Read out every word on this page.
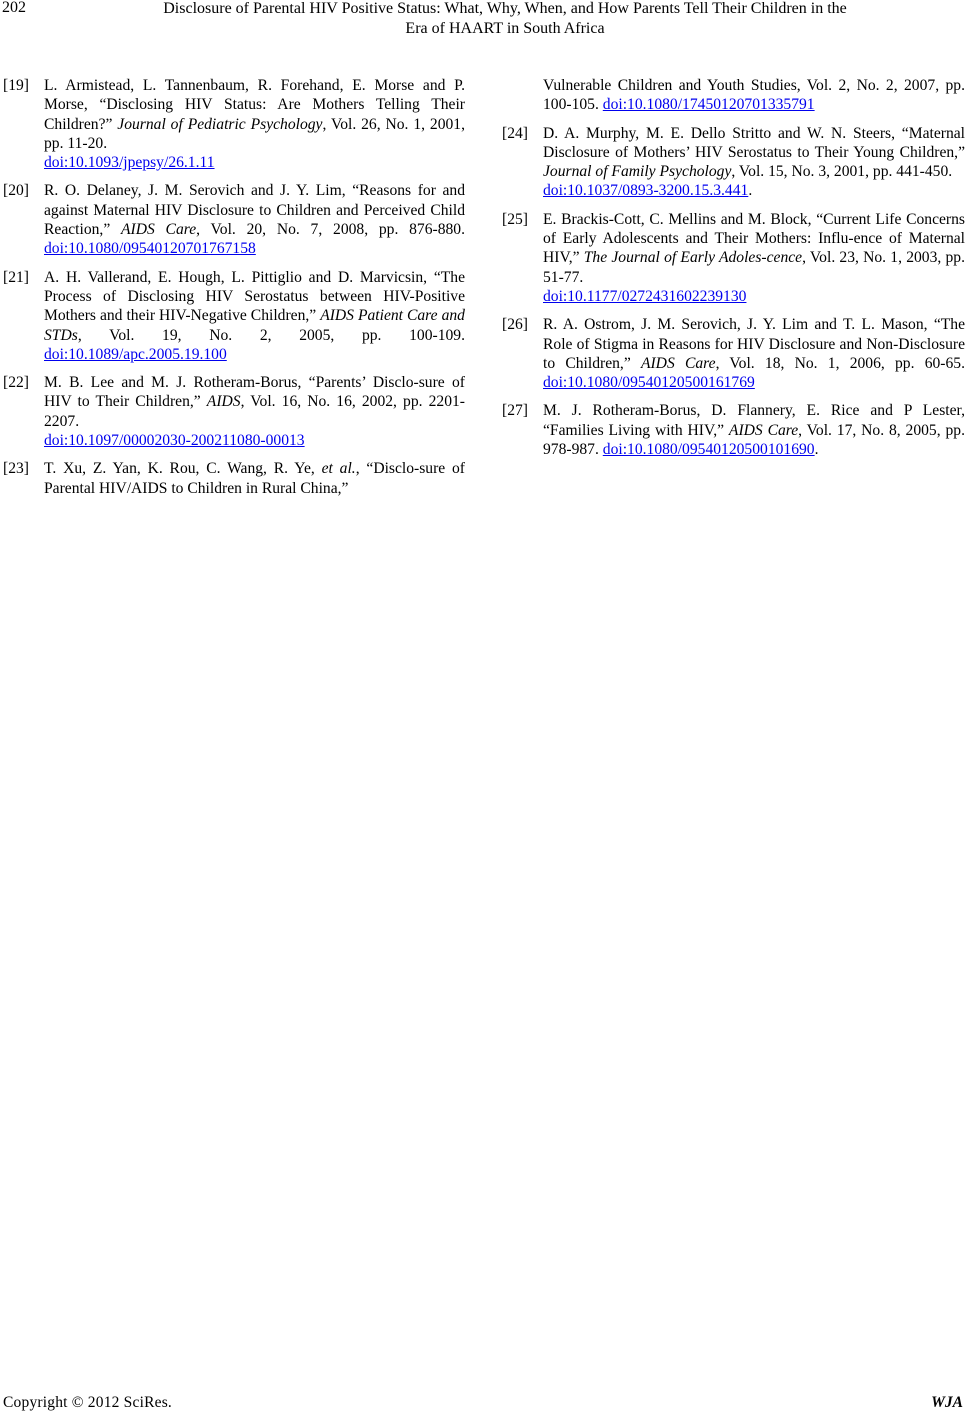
202	Disclosure of Parental HIV Positive Status: What, Why, When, and How Parents Tell Their Children in the
Era of HAART in South Africa
[19] L. Armistead, L. Tannenbaum, R. Forehand, E. Morse and P. Morse, “Disclosing HIV Status: Are Mothers Telling Their Children?” Journal of Pediatric Psychology, Vol. 26, No. 1, 2001, pp. 11-20.
doi:10.1093/jpepsy/26.1.11
[20] R. O. Delaney, J. M. Serovich and J. Y. Lim, “Reasons for and against Maternal HIV Disclosure to Children and Perceived Child Reaction,” AIDS Care, Vol. 20, No. 7, 2008, pp. 876-880. doi:10.1080/09540120701767158
[21] A. H. Vallerand, E. Hough, L. Pittiglio and D. Marvicsin, “The Process of Disclosing HIV Serostatus between HIV-Positive Mothers and their HIV-Negative Children,” AIDS Patient Care and STDs, Vol. 19, No. 2, 2005, pp. 100-109. doi:10.1089/apc.2005.19.100
[22] M. B. Lee and M. J. Rotheram-Borus, “Parents’ Disclo-sure of HIV to Their Children,” AIDS, Vol. 16, No. 16, 2002, pp. 2201-2207.
doi:10.1097/00002030-200211080-00013
[23] T. Xu, Z. Yan, K. Rou, C. Wang, R. Ye, et al., “Disclo-sure of Parental HIV/AIDS to Children in Rural China,”
Vulnerable Children and Youth Studies, Vol. 2, No. 2, 2007, pp. 100-105. doi:10.1080/17450120701335791
[24] D. A. Murphy, M. E. Dello Stritto and W. N. Steers, “Maternal Disclosure of Mothers’ HIV Serostatus to Their Young Children,” Journal of Family Psychology, Vol. 15, No. 3, 2001, pp. 441-450.
doi:10.1037/0893-3200.15.3.441.
[25] E. Brackis-Cott, C. Mellins and M. Block, “Current Life Concerns of Early Adolescents and Their Mothers: Influ-ence of Maternal HIV,” The Journal of Early Adoles-cence, Vol. 23, No. 1, 2003, pp. 51-77.
doi:10.1177/0272431602239130
[26] R. A. Ostrom, J. M. Serovich, J. Y. Lim and T. L. Mason, “The Role of Stigma in Reasons for HIV Disclosure and Non-Disclosure to Children,” AIDS Care, Vol. 18, No. 1, 2006, pp. 60-65. doi:10.1080/09540120500161769
[27] M. J. Rotheram-Borus, D. Flannery, E. Rice and P Lester, “Families Living with HIV,” AIDS Care, Vol. 17, No. 8, 2005, pp. 978-987. doi:10.1080/09540120500101690.
Copyright © 2012 SciRes.	WJA
